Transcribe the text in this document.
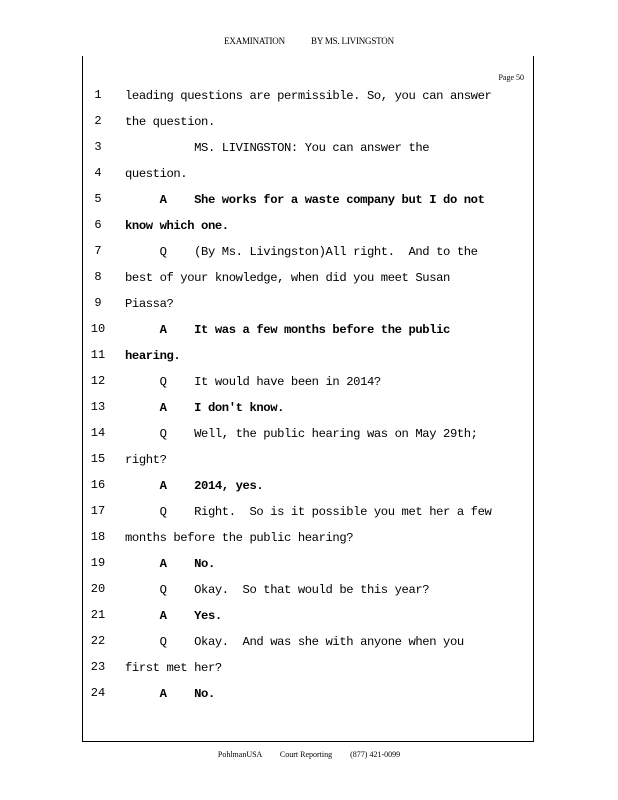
EXAMINATION	BY MS. LIVINGSTON
Page 50
1	leading questions are permissible. So, you can answer
2	the question.
3	MS. LIVINGSTON: You can answer the
4	question.
5	A    She works for a waste company but I do not
6	know which one.
7	Q    (By Ms. Livingston)All right.  And to the
8	best of your knowledge, when did you meet Susan
9	Piassa?
10	A    It was a few months before the public
11	hearing.
12	Q    It would have been in 2014?
13	A    I don't know.
14	Q    Well, the public hearing was on May 29th;
15	right?
16	A    2014, yes.
17	Q    Right.  So is it possible you met her a few
18	months before the public hearing?
19	A    No.
20	Q    Okay.  So that would be this year?
21	A    Yes.
22	Q    Okay.  And was she with anyone when you
23	first met her?
24	A    No.
PohlmanUSA Court Reporting (877) 421-0099
